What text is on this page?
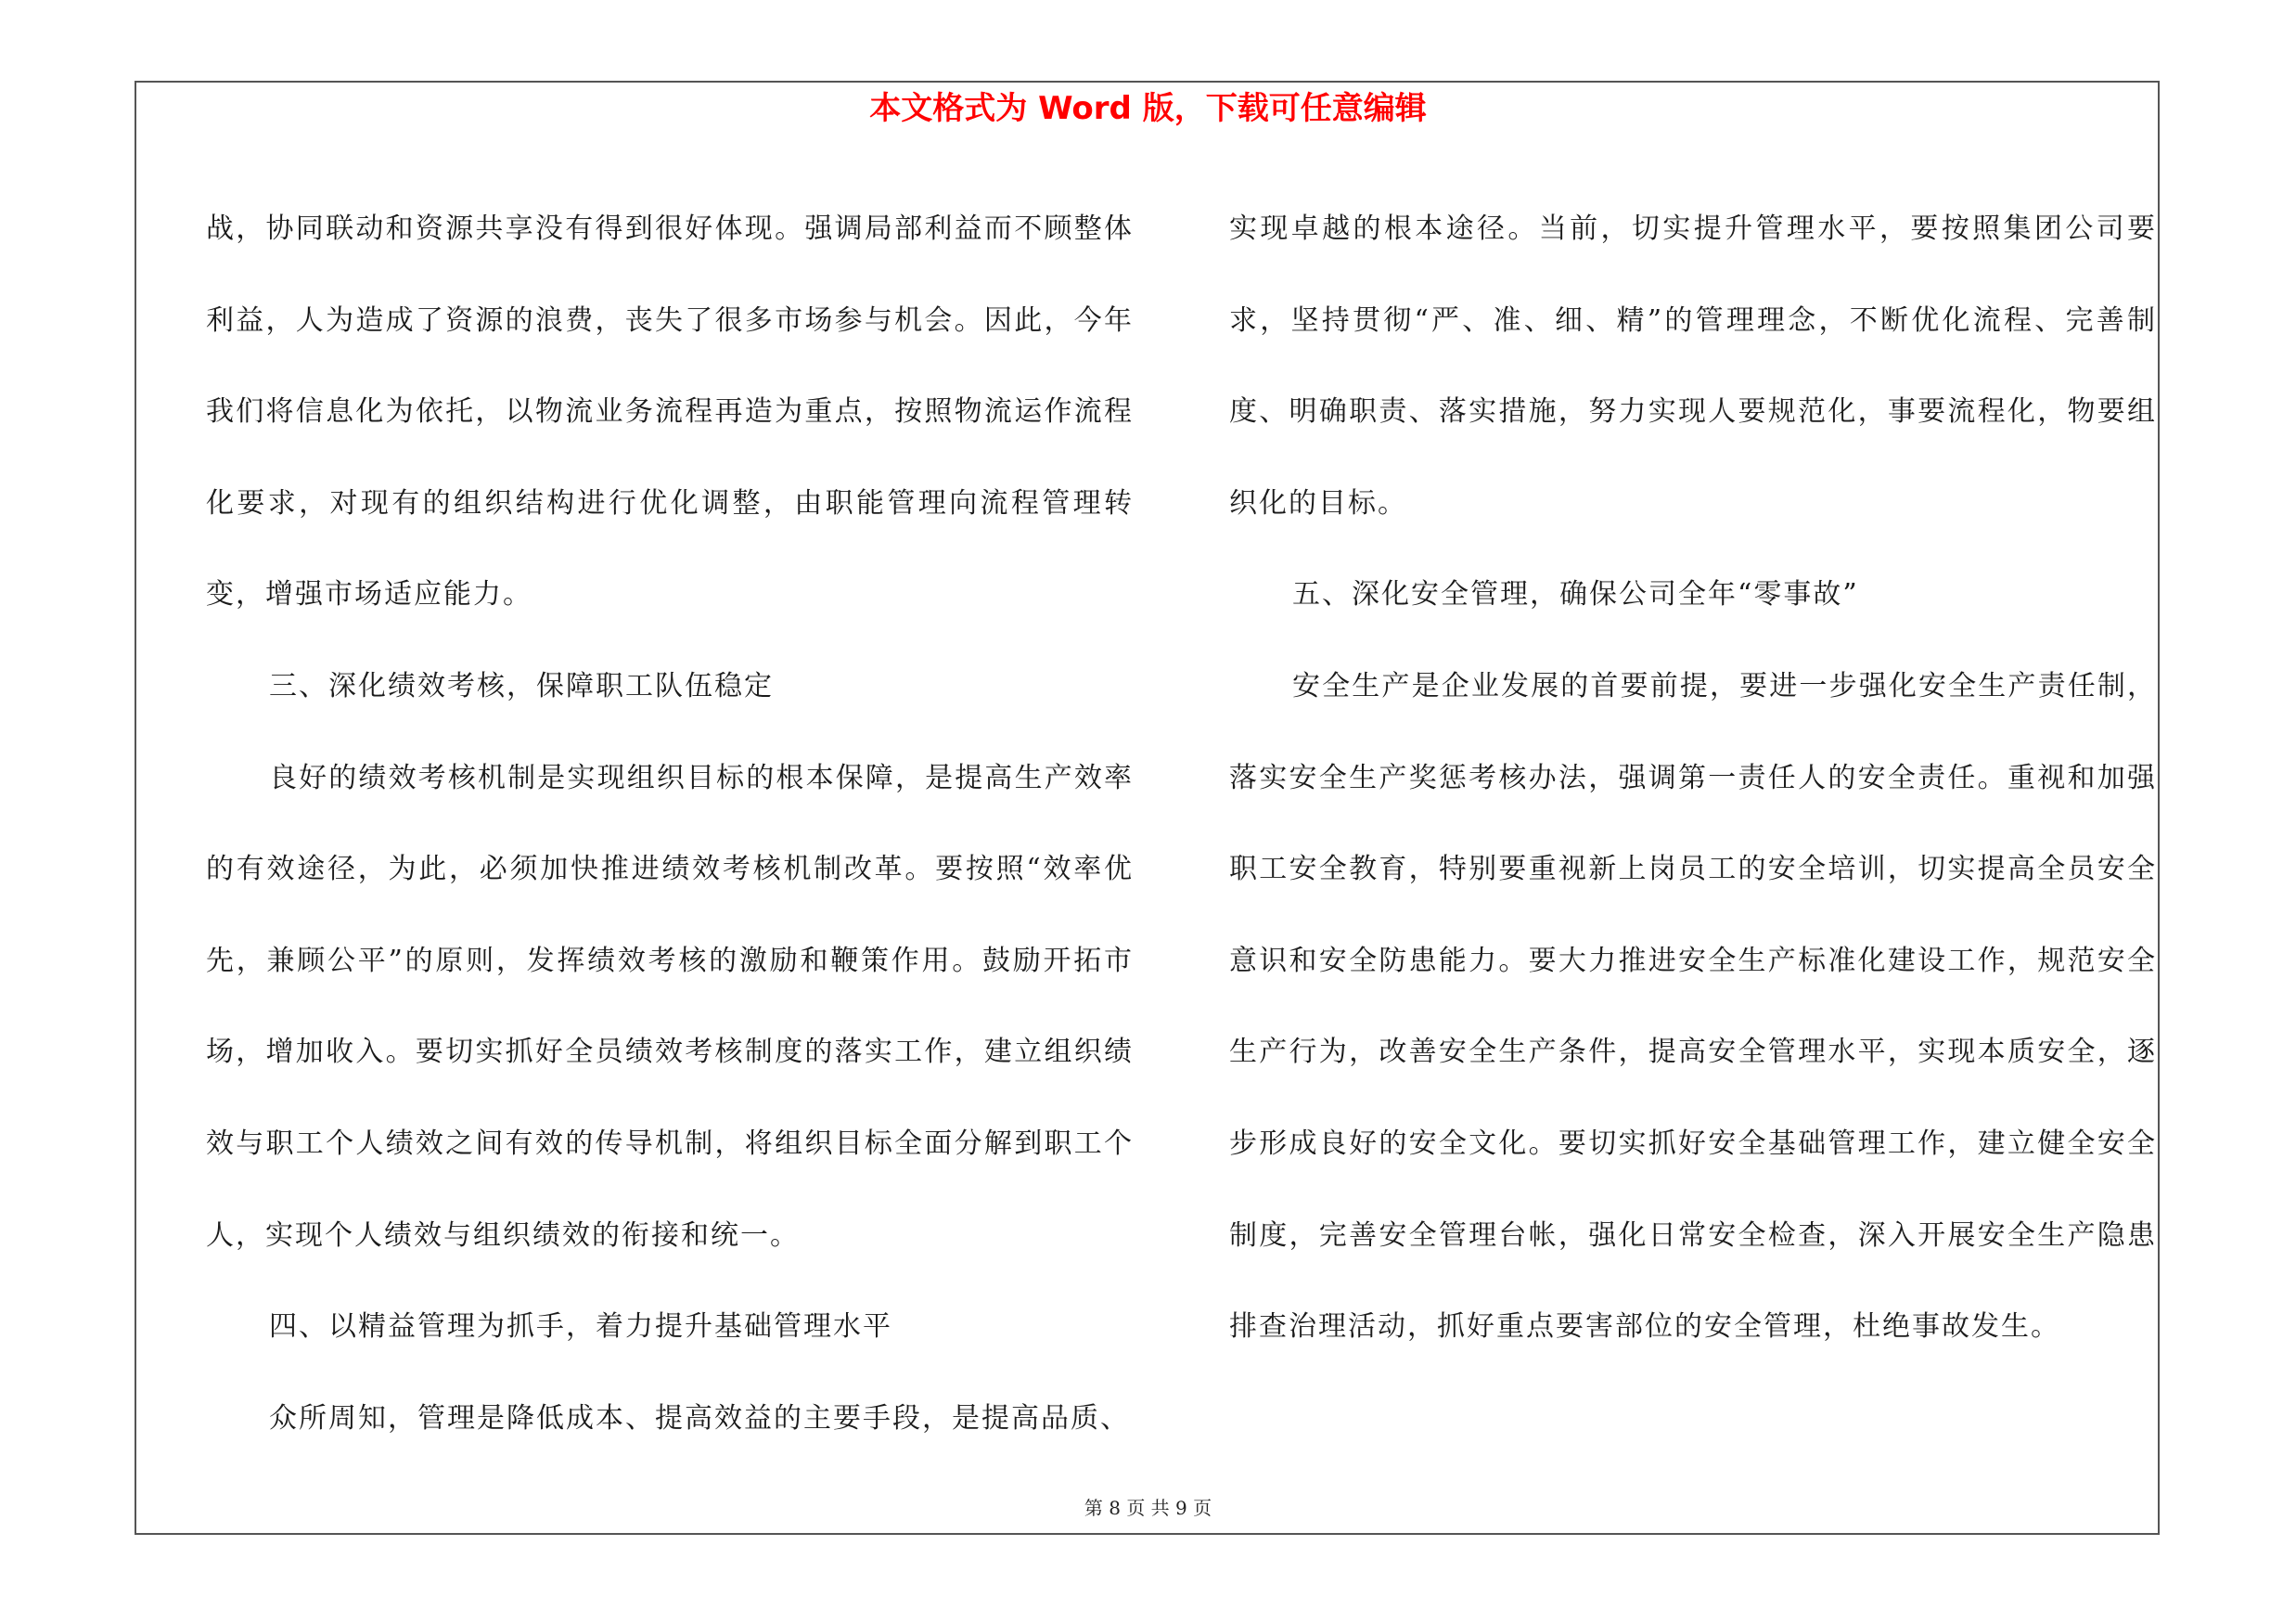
本文格式为 Word 版，下载可任意编辑

战，协同联动和资源共享没有得到很好体现。强调局部利益而不顾整体利益，人为造成了资源的浪费，丧失了很多市场参与机会。因此，今年我们将信息化为依托，以物流业务流程再造为重点，按照物流运作流程化要求，对现有的组织结构进行优化调整，由职能管理向流程管理转变，增强市场适应能力。

三、深化绩效考核，保障职工队伍稳定

良好的绩效考核机制是实现组织目标的根本保障，是提高生产效率的有效途径，为此，必须加快推进绩效考核机制改革。要按照“效率优先，兼顾公平”的原则，发挥绩效考核的激励和鞭策作用。鼓励开拓市场，增加收入。要切实抓好全员绩效考核制度的落实工作，建立组织绩效与职工个人绩效之间有效的传导机制，将组织目标全面分解到职工个人，实现个人绩效与组织绩效的衔接和统一。

四、以精益管理为抓手，着力提升基础管理水平

众所周知，管理是降低成本、提高效益的主要手段，是提高品质、

实现卓越的根本途径。当前，切实提升管理水平，要按照集团公司要求，坚持贯彻“严、准、细、精”的管理理念，不断优化流程、完善制度、明确职责、落实措施，努力实现人要规范化，事要流程化，物要组织化的目标。

五、深化安全管理，确保公司全年“零事故”

安全生产是企业发展的首要前提，要进一步强化安全生产责任制，落实安全生产奖惩考核办法，强调第一责任人的安全责任。重视和加强职工安全教育，特别要重视新上岗员工的安全培训，切实提高全员安全意识和安全防患能力。要大力推进安全生产标准化建设工作，规范安全生产行为，改善安全生产条件，提高安全管理水平，实现本质安全，逐步形成良好的安全文化。要切实抓好安全基础管理工作，建立健全安全制度，完善安全管理台帐，强化日常安全检查，深入开展安全生产隐患排查治理活动，抓好重点要害部位的安全管理，杜绝事故发生。

第 8 页 共 9 页
